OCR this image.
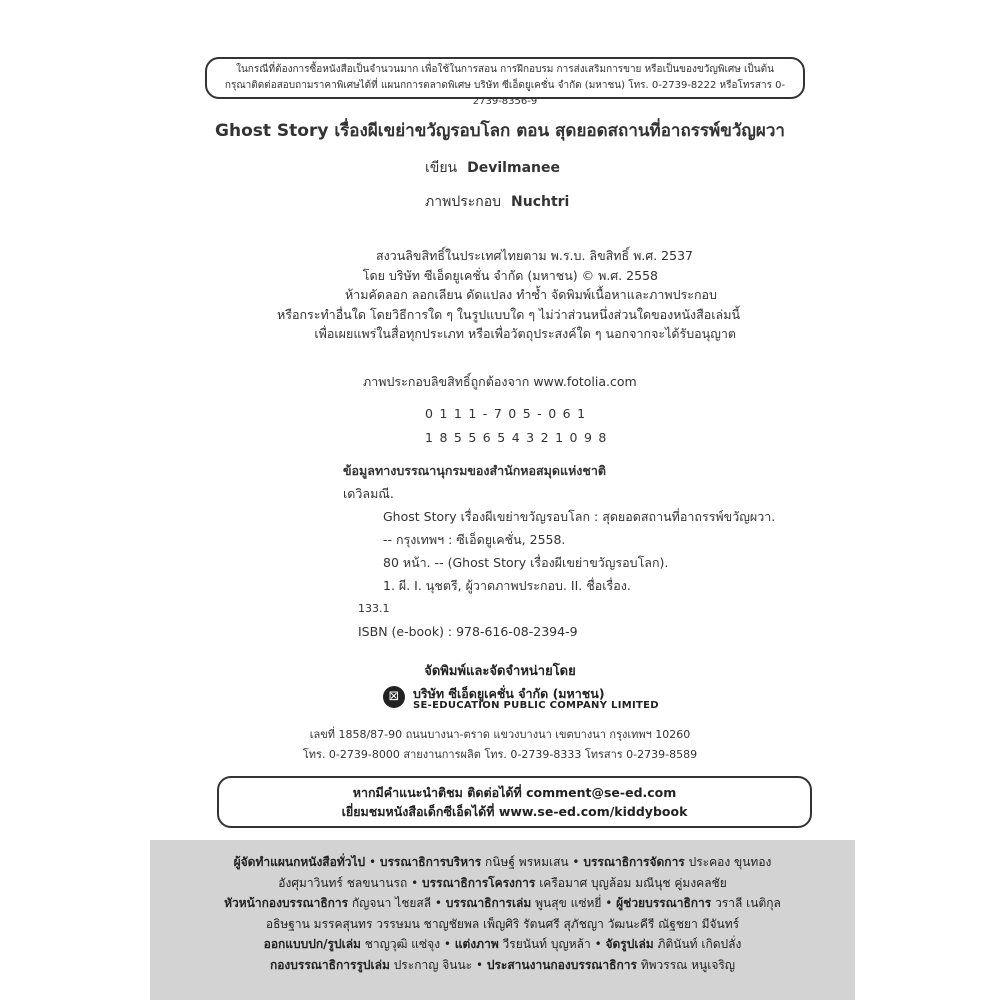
ในกรณีที่ต้องการซื้อหนังสือเป็นจำนวนมาก เพื่อใช้ในการสอน การฝึกอบรม การส่งเสริมการขาย หรือเป็นของขวัญพิเศษ เป็นต้น
กรุณาติดต่อสอบถามราคาพิเศษได้ที่ แผนกการตลาดพิเศษ บริษัท ซีเอ็ดยูเคชั่น จำกัด (มหาชน) โทร. 0-2739-8222 หรือโทรสาร 0-2739-8356-9
Ghost Story เรื่องผีเขย่าขวัญรอบโลก ตอน สุดยอดสถานที่อาถรรพ์ขวัญผวา
เขียน Devilmanee
ภาพประกอบ Nuchtri
สงวนลิขสิทธิ์ในประเทศไทยตาม พ.ร.บ. ลิขสิทธิ์ พ.ศ. 2537
โดย บริษัท ซีเอ็ดยูเคชั่น จำกัด (มหาชน) © พ.ศ. 2558
ห้ามคัดลอก ลอกเลียน ดัดแปลง ทำซ้ำ จัดพิมพ์เนื้อหาและภาพประกอบ
หรือกระทำอื่นใด โดยวิธีการใด ๆ ในรูปแบบใด ๆ ไม่ว่าส่วนหนึ่งส่วนใดของหนังสือเล่มนี้
เพื่อเผยแพร่ในสื่อทุกประเภท หรือเพื่อวัตถุประสงค์ใด ๆ นอกจากจะได้รับอนุญาต
ภาพประกอบลิขสิทธิ์ถูกต้องจาก www.fotolia.com
0111-705-061
1855654321098
ข้อมูลทางบรรณานุกรมของสำนักหอสมุดแห่งชาติ
เดวิลมณี.
Ghost Story เรื่องผีเขย่าขวัญรอบโลก : สุดยอดสถานที่อาถรรพ์ขวัญผวา.
-- กรุงเทพฯ : ซีเอ็ดยูเคชั่น, 2558.
80 หน้า. -- (Ghost Story เรื่องผีเขย่าขวัญรอบโลก).
1. ผี. I. นุชตรี, ผู้วาดภาพประกอบ. II. ชื่อเรื่อง.
133.1
ISBN (e-book) : 978-616-08-2394-9
จัดพิมพ์และจัดจำหน่ายโดย
⊠	บริษัท ซีเอ็ดยูเคชั่น จำกัด (มหาชน)
SE-EDUCATION PUBLIC COMPANY LIMITED
เลขที่ 1858/87-90 ถนนบางนา-ตราด แขวงบางนา เขตบางนา กรุงเทพฯ 10260
โทร. 0-2739-8000 สายงานการผลิต โทร. 0-2739-8333 โทรสาร 0-2739-8589
หากมีคำแนะนำติชม ติดต่อได้ที่ comment@se-ed.com
เยี่ยมชมหนังสือเด็กซีเอ็ดได้ที่ www.se-ed.com/kiddybook
ผู้จัดทำแผนกหนังสือทั่วไป • บรรณาธิการบริหาร กนิษฐ์ พรหมเสน • บรรณาธิการจัดการ ประคอง ขุนทอง
อังศุมาวินทร์ ชลขนานรถ • บรรณาธิการโครงการ เครือมาศ บุญล้อม มณีนุช คู่มงคลชัย
หัวหน้ากองบรรณาธิการ กัญจนา ไชยสลี • บรรณาธิการเล่ม พูนสุข แซ่หยี่ • ผู้ช่วยบรรณาธิการ วราลี เนติกุล
อธิษฐาน มรรคสุนทร วรรษมน ชาญชัยพล เพ็ญศิริ รัตนศรี สุภัชญา วัฒนะคีรี ณัฐชยา มีจันทร์
ออกแบบปก/รูปเล่ม ชาญวุฒิ แซ่จุง • แต่งภาพ วีรยนันท์ บุญหล้า • จัดรูปเล่ม ภิตินันท์ เกิดปลั่ง
กองบรรณาธิการรูปเล่ม ประกาญ จินนะ • ประสานงานกองบรรณาธิการ ทิพวรรณ หนูเจริญ
